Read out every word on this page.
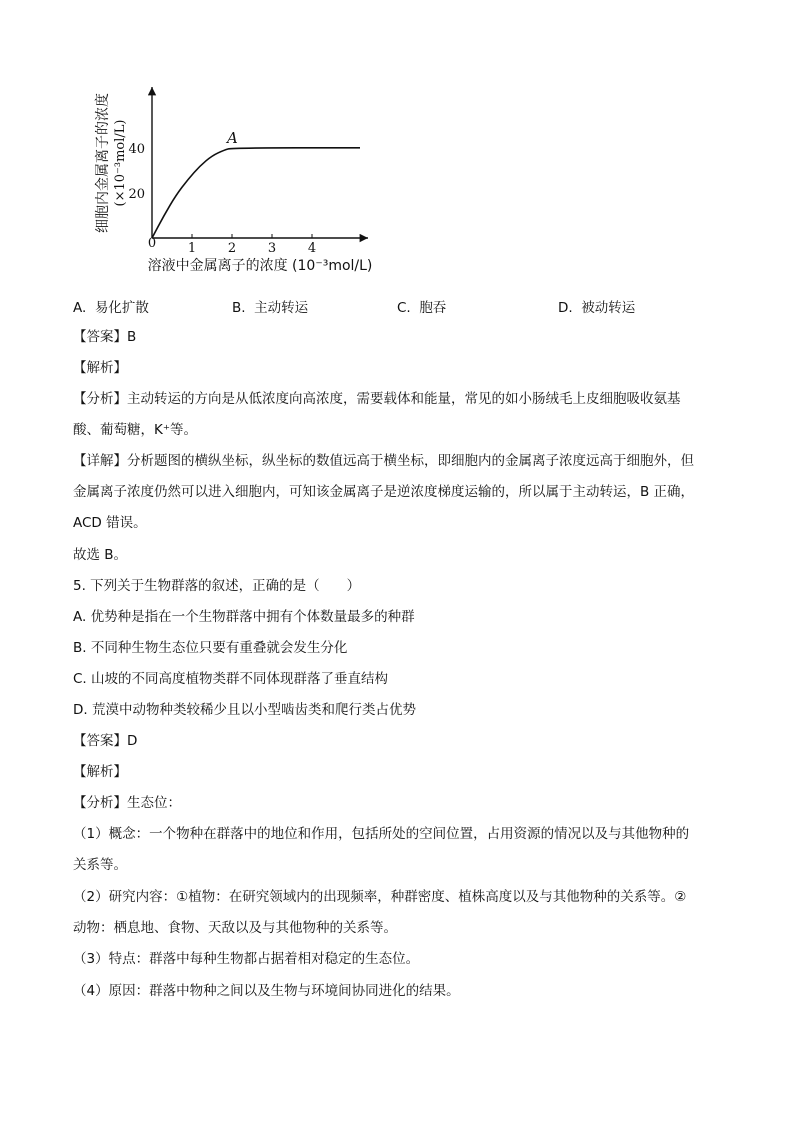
细胞内金属离子的浓度 (×10⁻³mol/L)
溶液中金属离子的浓度 (10⁻³mol/L)
0 1 2 3 4
20
40
A
A. 易化扩散	B. 主动转运	C. 胞吞	D. 被动转运
【答案】B
【解析】
【分析】主动转运的方向是从低浓度向高浓度，需要载体和能量，常见的如小肠绒毛上皮细胞吸收氨基
酸、葡萄糖，K⁺等。
【详解】分析题图的横纵坐标，纵坐标的数值远高于横坐标，即细胞内的金属离子浓度远高于细胞外，但
金属离子浓度仍然可以进入细胞内，可知该金属离子是逆浓度梯度运输的，所以属于主动转运，B 正确，
ACD 错误。
故选 B。
5. 下列关于生物群落的叙述，正确的是（　　）
A. 优势种是指在一个生物群落中拥有个体数量最多的种群
B. 不同种生物生态位只要有重叠就会发生分化
C. 山坡的不同高度植物类群不同体现群落了垂直结构
D. 荒漠中动物种类较稀少且以小型啮齿类和爬行类占优势
【答案】D
【解析】
【分析】生态位：
（1）概念：一个物种在群落中的地位和作用，包括所处的空间位置，占用资源的情况以及与其他物种的
关系等。
（2）研究内容：①植物：在研究领域内的出现频率，种群密度、植株高度以及与其他物种的关系等。②
动物：栖息地、食物、天敌以及与其他物种的关系等。
（3）特点：群落中每种生物都占据着相对稳定的生态位。
（4）原因：群落中物种之间以及生物与环境间协同进化的结果。
